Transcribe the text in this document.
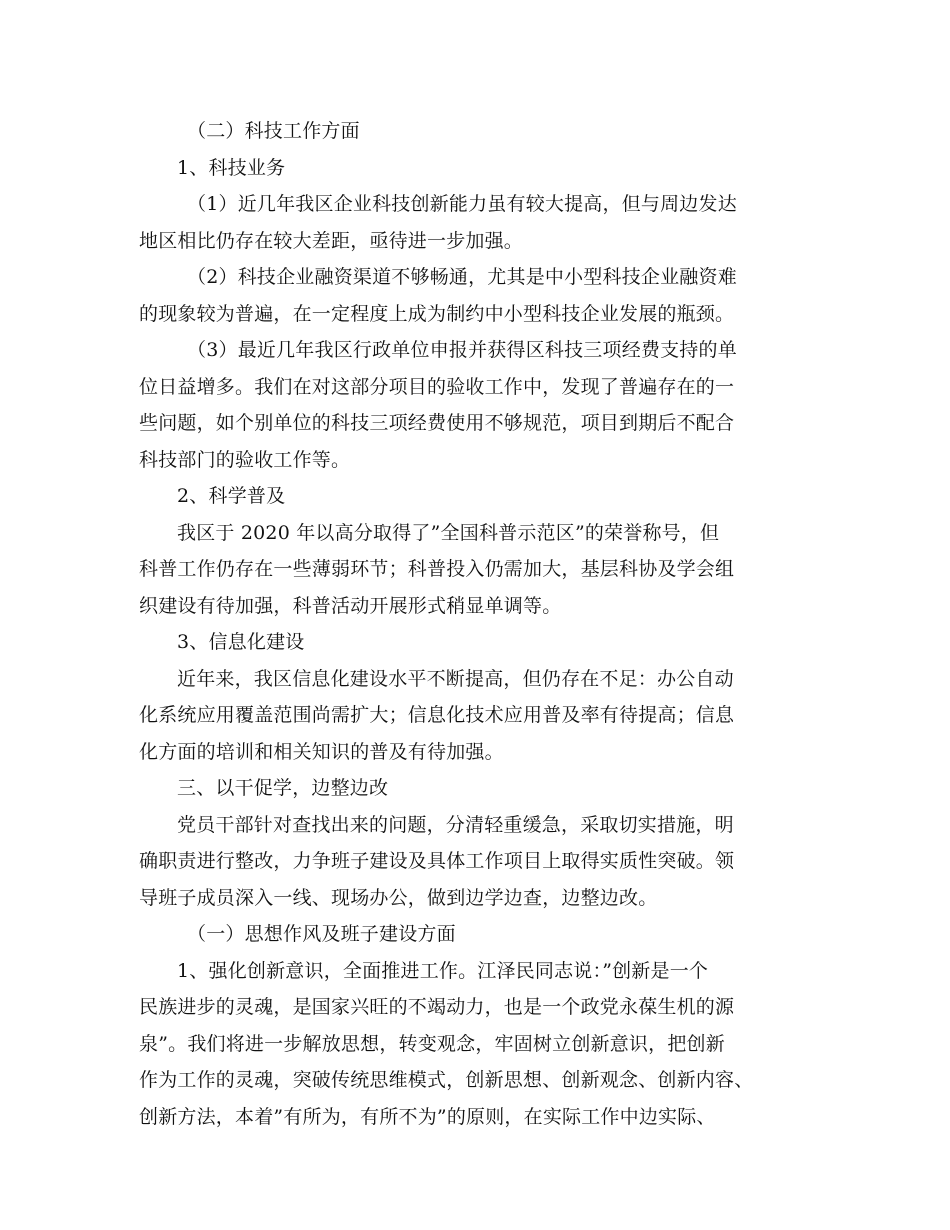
（二）科技工作方面
1、科技业务
（1）近几年我区企业科技创新能力虽有较大提高，但与周边发达
地区相比仍存在较大差距，亟待进一步加强。
（2）科技企业融资渠道不够畅通，尤其是中小型科技企业融资难
的现象较为普遍，在一定程度上成为制约中小型科技企业发展的瓶颈。
（3）最近几年我区行政单位申报并获得区科技三项经费支持的单
位日益增多。我们在对这部分项目的验收工作中，发现了普遍存在的一
些问题，如个别单位的科技三项经费使用不够规范，项目到期后不配合
科技部门的验收工作等。
2、科学普及
我区于 2020 年以高分取得了”全国科普示范区”的荣誉称号，但
科普工作仍存在一些薄弱环节；科普投入仍需加大，基层科协及学会组
织建设有待加强，科普活动开展形式稍显单调等。
3、信息化建设
近年来，我区信息化建设水平不断提高，但仍存在不足：办公自动
化系统应用覆盖范围尚需扩大；信息化技术应用普及率有待提高；信息
化方面的培训和相关知识的普及有待加强。
三、以干促学，边整边改
党员干部针对查找出来的问题，分清轻重缓急，采取切实措施，明
确职责进行整改，力争班子建设及具体工作项目上取得实质性突破。领
导班子成员深入一线、现场办公，做到边学边查，边整边改。
（一）思想作风及班子建设方面
1、强化创新意识，全面推进工作。江泽民同志说：”创新是一个
民族进步的灵魂，是国家兴旺的不竭动力，也是一个政党永葆生机的源
泉”。我们将进一步解放思想，转变观念，牢固树立创新意识，把创新
作为工作的灵魂，突破传统思维模式，创新思想、创新观念、创新内容、
创新方法，本着”有所为，有所不为”的原则，在实际工作中边实际、
